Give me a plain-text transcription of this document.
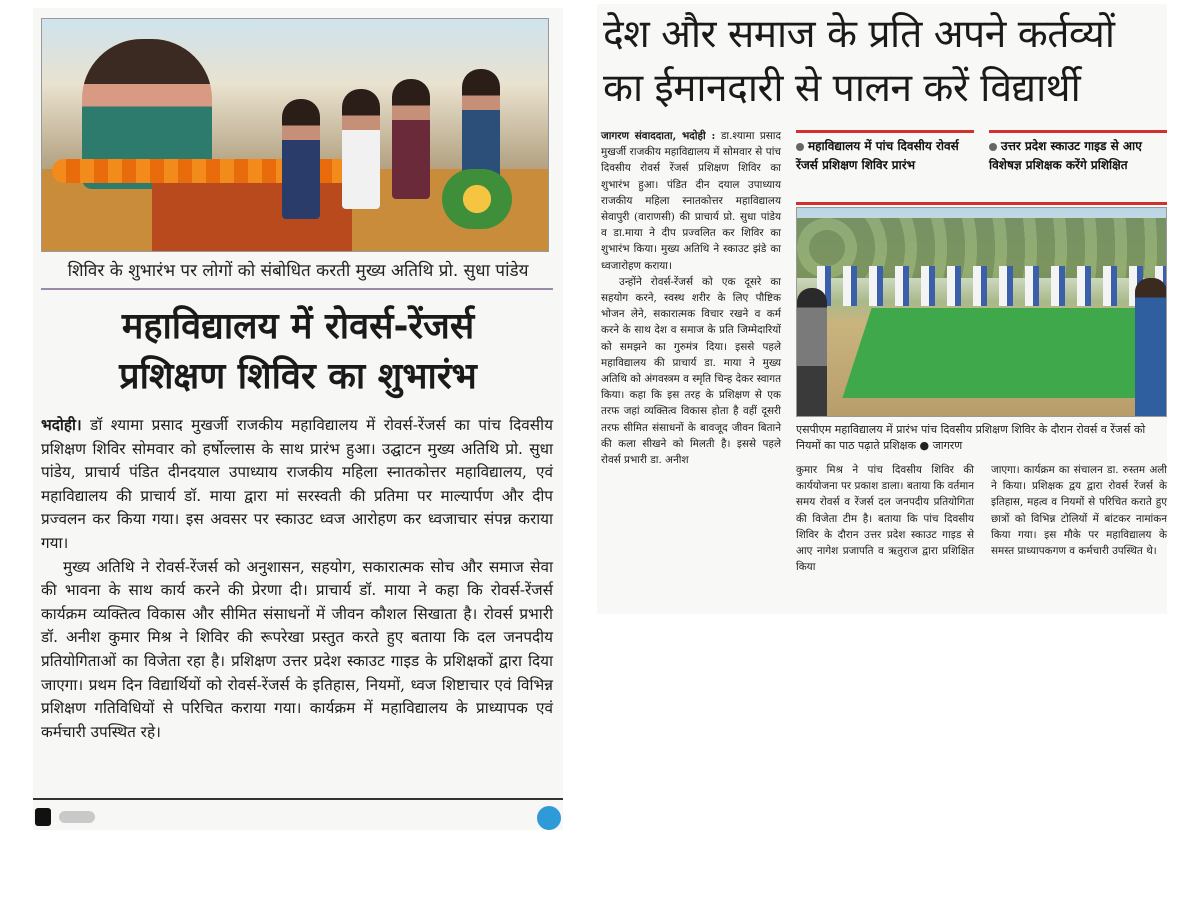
शिविर के शुभारंभ पर लोगों को संबोधित करती मुख्य अतिथि प्रो. सुधा पांडेय
महाविद्यालय में रोवर्स-रेंजर्स
प्रशिक्षण शिविर का शुभारंभ

भदोही। डॉ श्यामा प्रसाद मुखर्जी राजकीय महाविद्यालय में रोवर्स-रेंजर्स का पांच दिवसीय प्रशिक्षण शिविर सोमवार को हर्षोल्लास के साथ प्रारंभ हुआ। उद्घाटन मुख्य अतिथि प्रो. सुधा पांडेय, प्राचार्य पंडित दीनदयाल उपाध्याय राजकीय महिला स्नातकोत्तर महाविद्यालय, एवं महाविद्यालय की प्राचार्य डॉ. माया द्वारा मां सरस्वती की प्रतिमा पर माल्यार्पण और दीप प्रज्वलन कर किया गया। इस अवसर पर स्काउट ध्वज आरोहण कर ध्वजाचार संपन्न कराया गया।

मुख्य अतिथि ने रोवर्स-रेंजर्स को अनुशासन, सहयोग, सकारात्मक सोच और समाज सेवा की भावना के साथ कार्य करने की प्रेरणा दी। प्राचार्य डॉ. माया ने कहा कि रोवर्स-रेंजर्स कार्यक्रम व्यक्तित्व विकास और सीमित संसाधनों में जीवन कौशल सिखाता है। रोवर्स प्रभारी डॉ. अनीश कुमार मिश्र ने शिविर की रूपरेखा प्रस्तुत करते हुए बताया कि दल जनपदीय प्रतियोगिताओं का विजेता रहा है। प्रशिक्षण उत्तर प्रदेश स्काउट गाइड के प्रशिक्षकों द्वारा दिया जाएगा। प्रथम दिन विद्यार्थियों को रोवर्स-रेंजर्स के इतिहास, नियमों, ध्वज शिष्टाचार एवं विभिन्न प्रशिक्षण गतिविधियों से परिचित कराया गया। कार्यक्रम में महाविद्यालय के प्राध्यापक एवं कर्मचारी उपस्थित रहे।

देश और समाज के प्रति अपने कर्तव्यों
का ईमानदारी से पालन करें विद्यार्थी

जागरण संवाददाता, भदोही : डा.श्यामा प्रसाद मुखर्जी राजकीय महाविद्यालय में सोमवार से पांच दिवसीय रोवर्स रेंजर्स प्रशिक्षण शिविर का शुभारंभ हुआ। पंडित दीन दयाल उपाध्याय राजकीय महिला स्नातकोत्तर महाविद्यालय सेवापुरी (वाराणसी) की प्राचार्य प्रो. सुधा पांडेय व डा.माया ने दीप प्रज्वलित कर शिविर का शुभारंभ किया। मुख्य अतिथि ने स्काउट झंडे का ध्वजारोहण कराया।

उन्होंने रोवर्स-रेंजर्स को एक दूसरे का सहयोग करने, स्वस्थ शरीर के लिए पौष्टिक भोजन लेने, सकारात्मक विचार रखने व कर्म करने के साथ देश व समाज के प्रति जिम्मेदारियों को समझने का गुरुमंत्र दिया। इससे पहले महाविद्यालय की प्राचार्य डा. माया ने मुख्य अतिथि को अंगवस्त्रम व स्मृति चिन्ह देकर स्वागत किया। कहा कि इस तरह के प्रशिक्षण से एक तरफ जहां व्यक्तित्व विकास होता है वहीं दूसरी तरफ सीमित संसाधनों के बावजूद जीवन बिताने की कला सीखने को मिलती है। इससे पहले रोवर्स प्रभारी डा. अनीश

महाविद्यालय में पांच दिवसीय रोवर्स रेंजर्स प्रशिक्षण शिविर प्रारंभ
उत्तर प्रदेश स्काउट गाइड से आए विशेषज्ञ प्रशिक्षक करेंगे प्रशिक्षित
एसपीएम महाविद्यालय में प्रारंभ पांच दिवसीय प्रशिक्षण शिविर के दौरान रोवर्स व रेंजर्स को नियमों का पाठ पढ़ाते प्रशिक्षक ● जागरण
कुमार मिश्र ने पांच दिवसीय शिविर की कार्ययोजना पर प्रकाश डाला। बताया कि वर्तमान समय रोवर्स व रेंजर्स दल जनपदीय प्रतियोगिता की विजेता टीम है। बताया कि पांच दिवसीय शिविर के दौरान उत्तर प्रदेश स्काउट गाइड से आए नागेश प्रजापति व ऋतुराज द्वारा प्रशिक्षित किया
जाएगा। कार्यक्रम का संचालन डा. रुस्तम अली ने किया। प्रशिक्षक द्वय द्वारा रोवर्स रेंजर्स के इतिहास, महत्व व नियमों से परिचित कराते हुए छात्रों को विभिन्न टोलियों में बांटकर नामांकन किया गया। इस मौके पर महाविद्यालय के समस्त प्राध्यापकगण व कर्मचारी उपस्थित थे।
